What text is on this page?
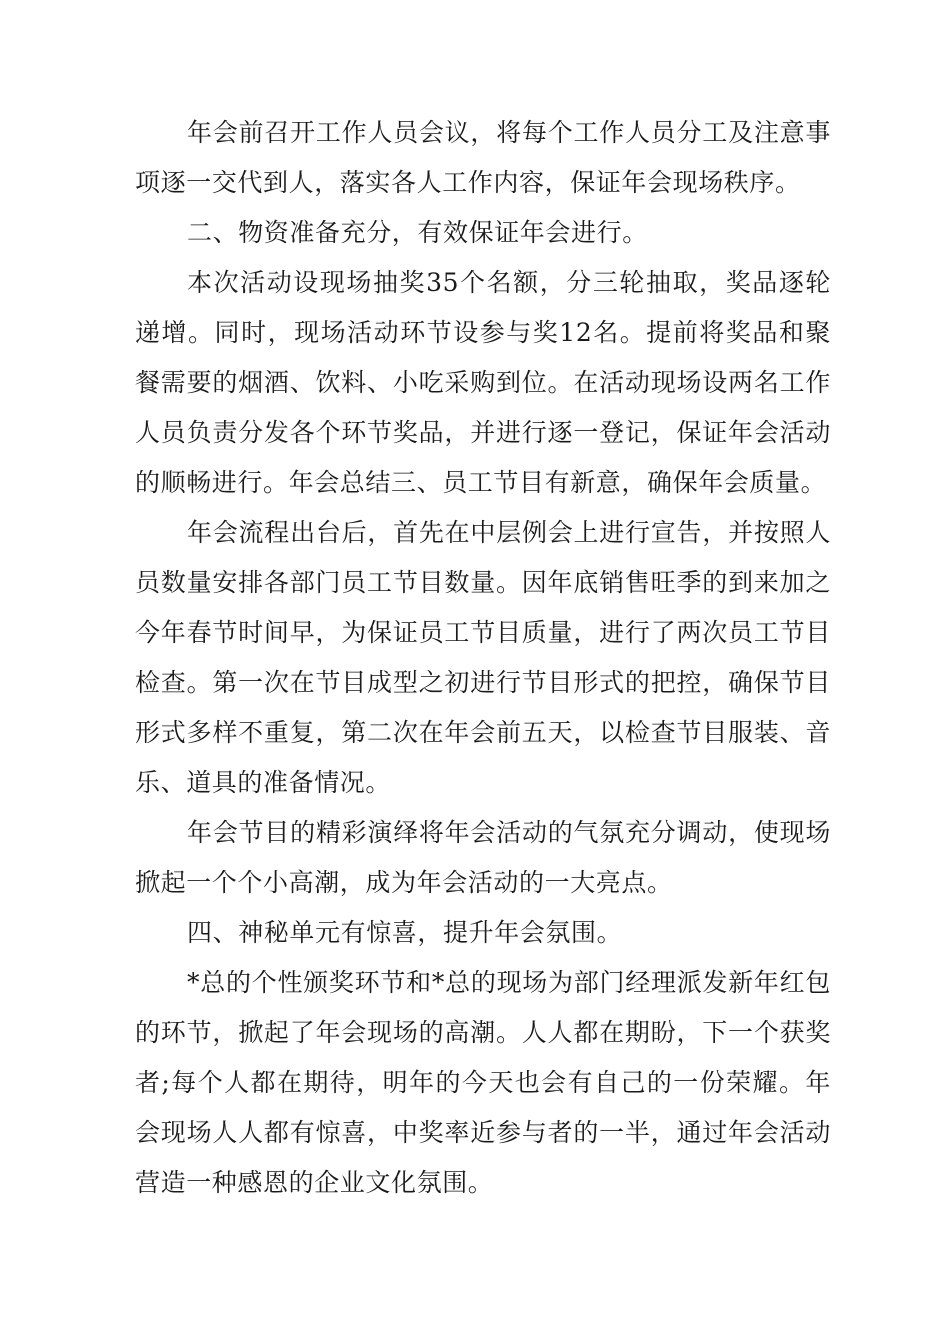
年会前召开工作人员会议，将每个工作人员分工及注意事项逐一交代到人，落实各人工作内容，保证年会现场秩序。

二、物资准备充分，有效保证年会进行。

本次活动设现场抽奖35个名额，分三轮抽取，奖品逐轮递增。同时，现场活动环节设参与奖12名。提前将奖品和聚餐需要的烟酒、饮料、小吃采购到位。在活动现场设两名工作人员负责分发各个环节奖品，并进行逐一登记，保证年会活动的顺畅进行。年会总结三、员工节目有新意，确保年会质量。

年会流程出台后，首先在中层例会上进行宣告，并按照人员数量安排各部门员工节目数量。因年底销售旺季的到来加之今年春节时间早，为保证员工节目质量，进行了两次员工节目检查。第一次在节目成型之初进行节目形式的把控，确保节目形式多样不重复，第二次在年会前五天，以检查节目服装、音乐、道具的准备情况。

年会节目的精彩演绎将年会活动的气氛充分调动，使现场掀起一个个小高潮，成为年会活动的一大亮点。

四、神秘单元有惊喜，提升年会氛围。

*总的个性颁奖环节和*总的现场为部门经理派发新年红包的环节，掀起了年会现场的高潮。人人都在期盼，下一个获奖者;每个人都在期待，明年的今天也会有自己的一份荣耀。年会现场人人都有惊喜，中奖率近参与者的一半，通过年会活动营造一种感恩的企业文化氛围。
